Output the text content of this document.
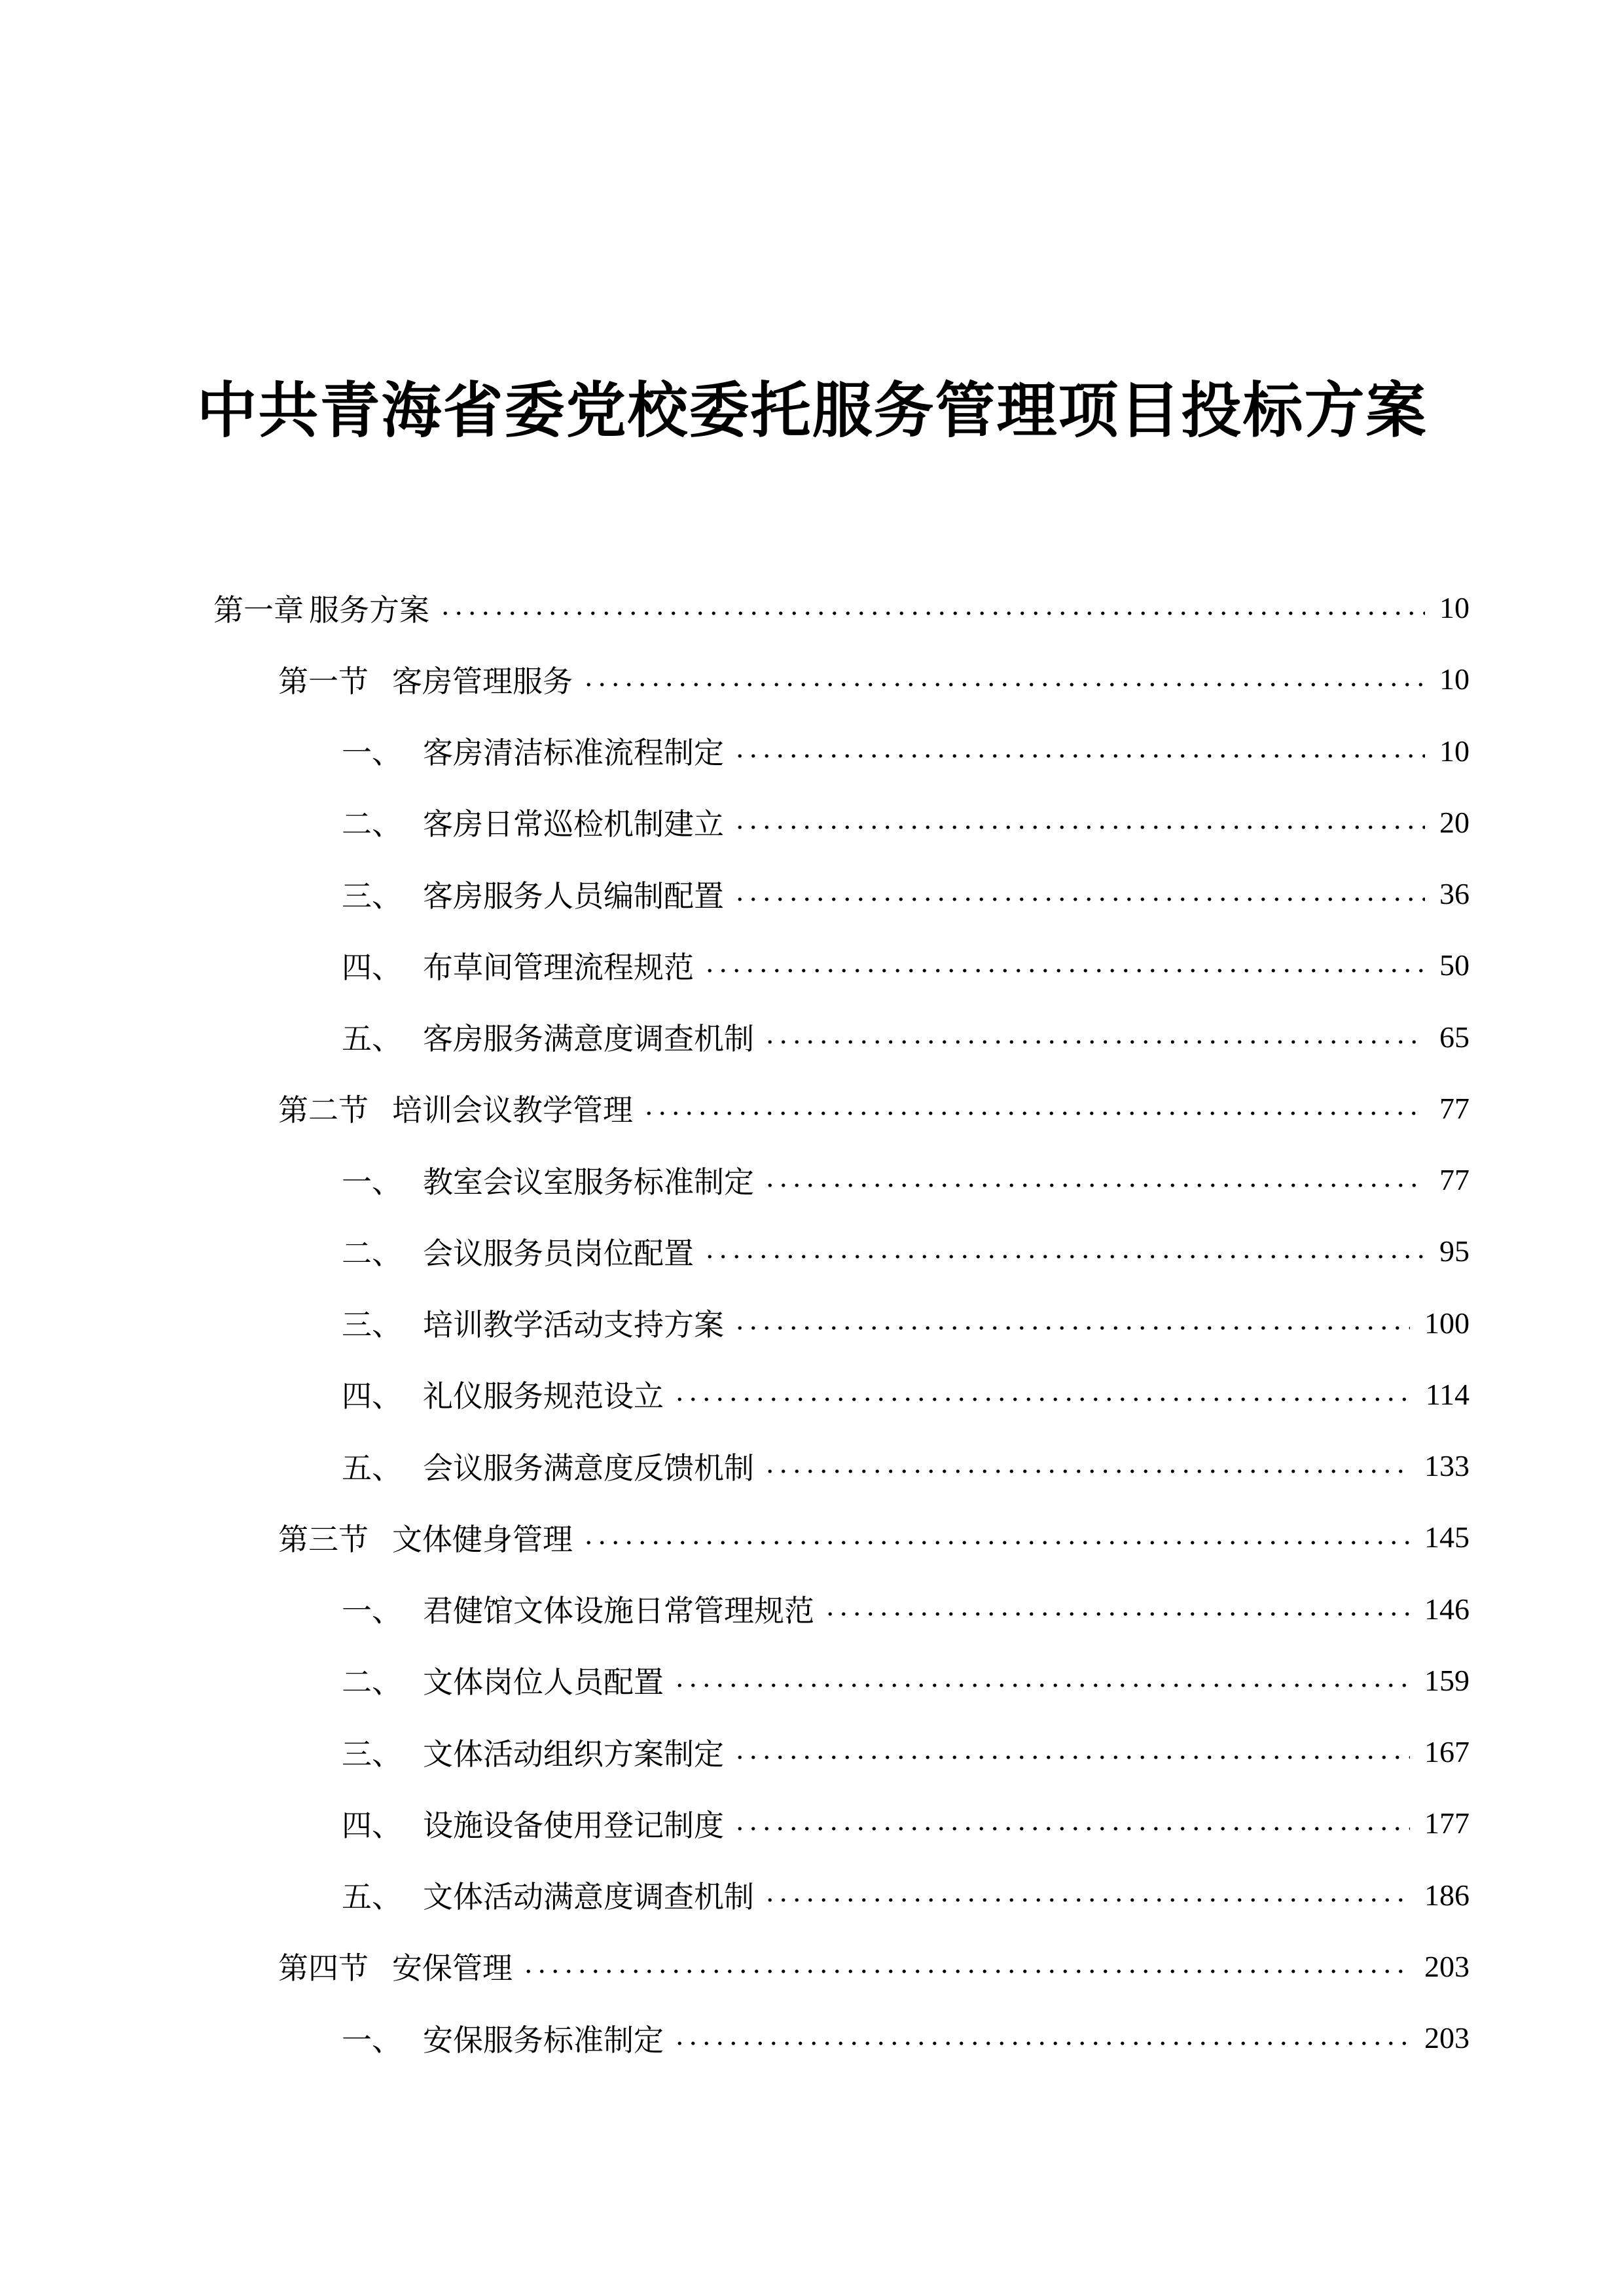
中共青海省委党校委托服务管理项目投标方案
第一章 服务方案	10
第一节 客房管理服务	10
一、 客房清洁标准流程制定	10
二、 客房日常巡检机制建立	20
三、 客房服务人员编制配置	36
四、 布草间管理流程规范	50
五、 客房服务满意度调查机制	65
第二节 培训会议教学管理	77
一、 教室会议室服务标准制定	77
二、 会议服务员岗位配置	95
三、 培训教学活动支持方案	100
四、 礼仪服务规范设立	114
五、 会议服务满意度反馈机制	133
第三节 文体健身管理	145
一、 君健馆文体设施日常管理规范	146
二、 文体岗位人员配置	159
三、 文体活动组织方案制定	167
四、 设施设备使用登记制度	177
五、 文体活动满意度调查机制	186
第四节 安保管理	203
一、 安保服务标准制定	203
